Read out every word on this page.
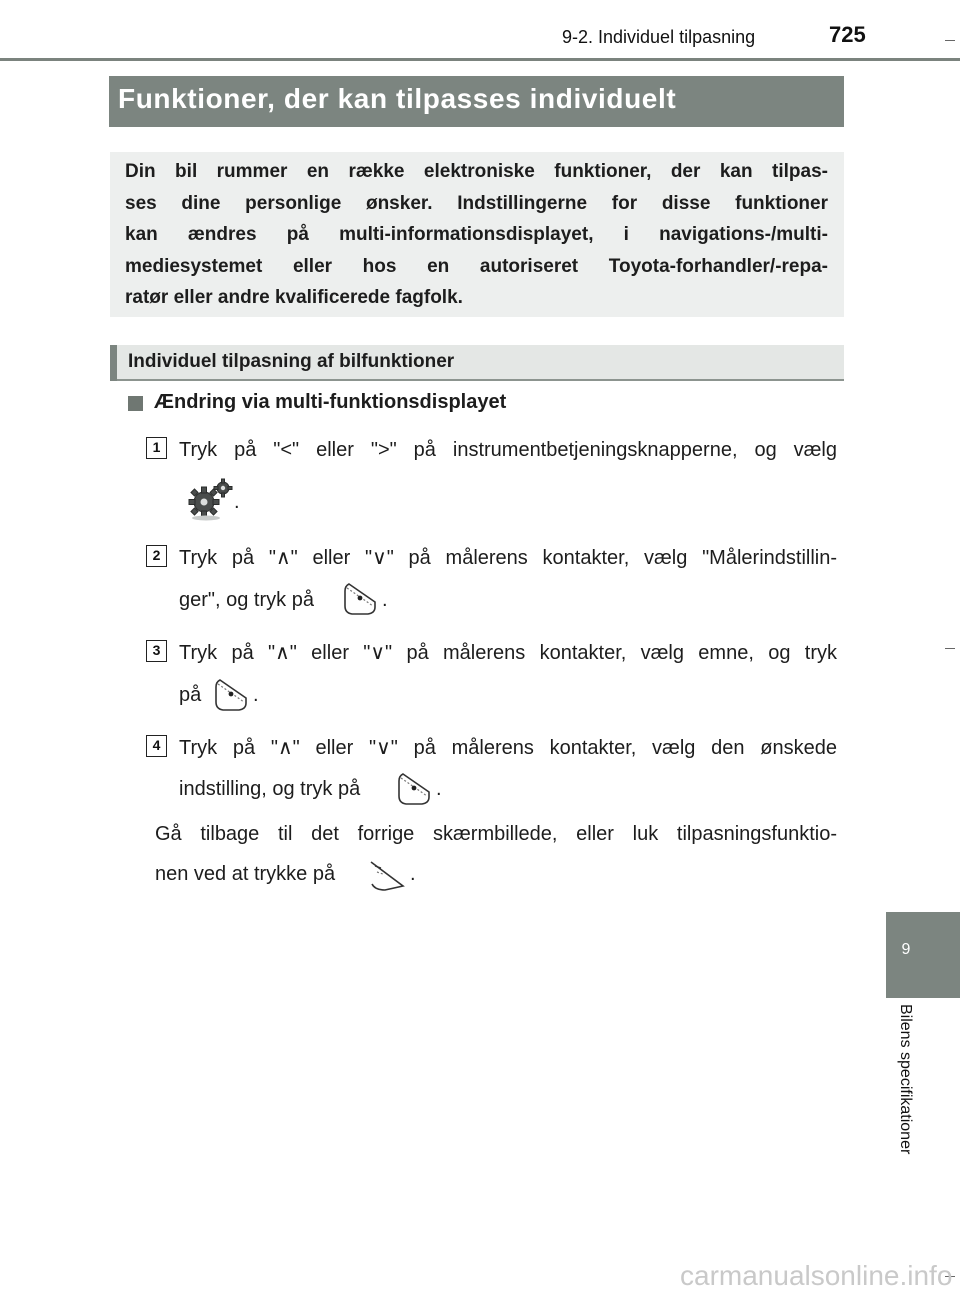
9-2. Individuel tilpasning	725
Funktioner, der kan tilpasses individuelt
Din bil rummer en række elektroniske funktioner, der kan tilpas-
ses dine personlige ønsker. Indstillingerne for disse funktioner
kan ændres på multi-informationsdisplayet, i navigations-/multi-
mediesystemet eller hos en autoriseret Toyota-forhandler/-repa-
ratør eller andre kvalificerede fagfolk.
Individuel tilpasning af bilfunktioner
Ændring via multi-funktionsdisplayet
1 Tryk på "<" eller ">" på instrumentbetjeningsknapperne, og vælg
.
2 Tryk på "∧" eller "∨" på målerens kontakter, vælg "Målerindstillin-
ger", og tryk på	.
3 Tryk på "∧" eller "∨" på målerens kontakter, vælg emne, og tryk
på	.
4 Tryk på "∧" eller "∨" på målerens kontakter, vælg den ønskede
indstilling, og tryk på	.
Gå tilbage til det forrige skærmbillede, eller luk tilpasningsfunktio-
nen ved at trykke på	.
9
Bilens specifikationer
carmanualsonline.info
